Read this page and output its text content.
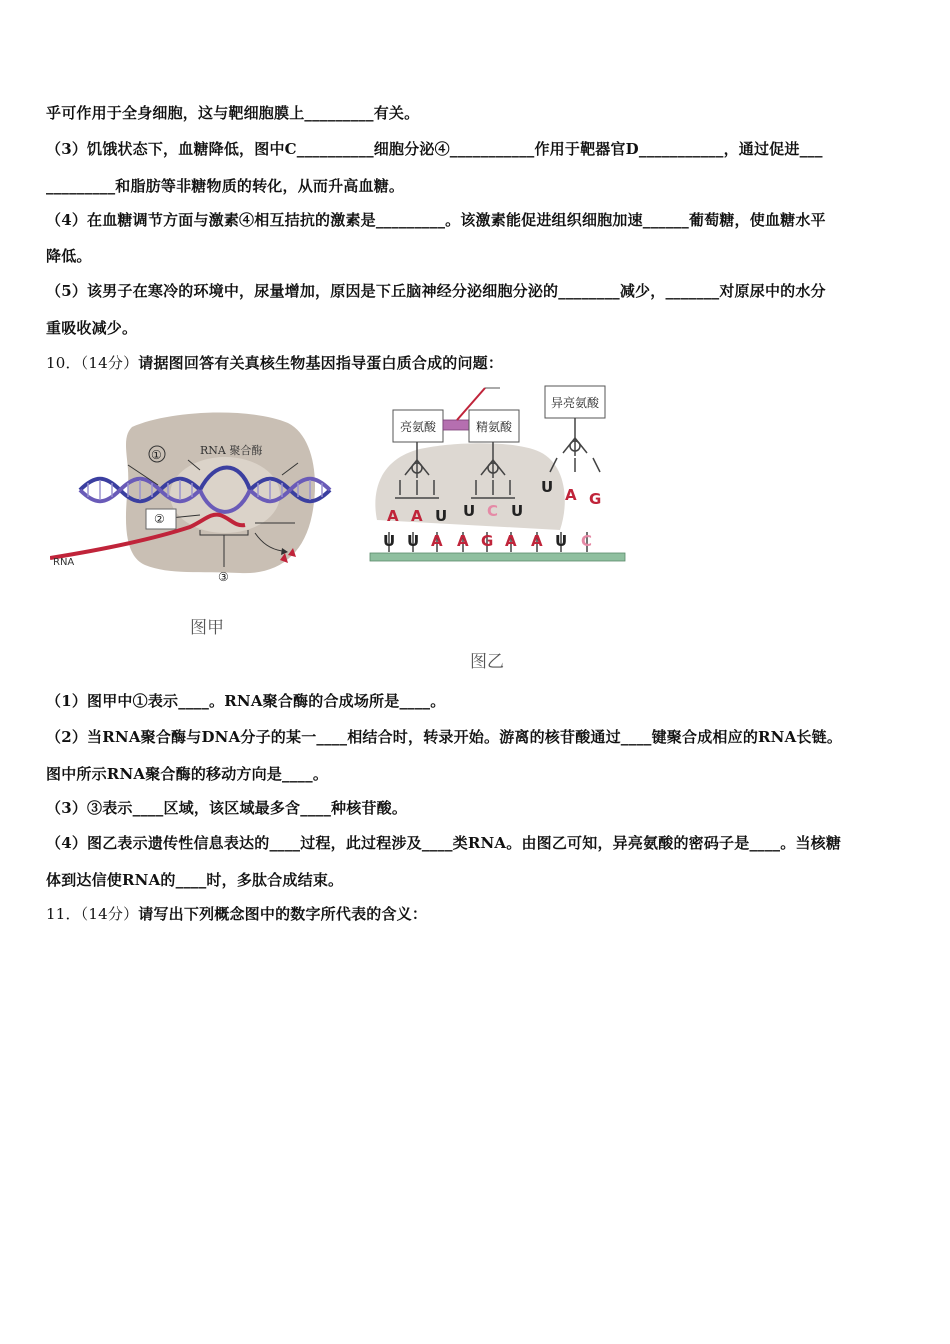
乎可作用于全身细胞，这与靶细胞膜上_________有关。
（3）饥饿状态下，血糖降低，图中C__________细胞分泌④___________作用于靶器官D___________，通过促进___
_________和脂肪等非糖物质的转化，从而升高血糖。
（4）在血糖调节方面与激素④相互拮抗的激素是_________。该激素能促进组织细胞加速______葡萄糖，使血糖水平
降低。
（5）该男子在寒冷的环境中，尿量增加，原因是下丘脑神经分泌细胞分泌的________减少，_______对原尿中的水分
重吸收减少。
10．（14分）请据图回答有关真核生物基因指导蛋白质合成的问题：
①	RNA 聚合酶
②
RNA
③
图甲
亮氨酸	精氨酸
异亮氨酸
A A U U C U
U A G
U U A A G A A U C
图乙
（1）图甲中①表示____。RNA聚合酶的合成场所是____。
（2）当RNA聚合酶与DNA分子的某一____相结合时，转录开始。游离的核苷酸通过____键聚合成相应的RNA长链。
图中所示RNA聚合酶的移动方向是____。
（3）③表示____区域，该区域最多含____种核苷酸。
（4）图乙表示遗传性信息表达的____过程，此过程涉及____类RNA。由图乙可知，异亮氨酸的密码子是____。当核糖
体到达信使RNA的____时，多肽合成结束。
11．（14分）请写出下列概念图中的数字所代表的含义：
